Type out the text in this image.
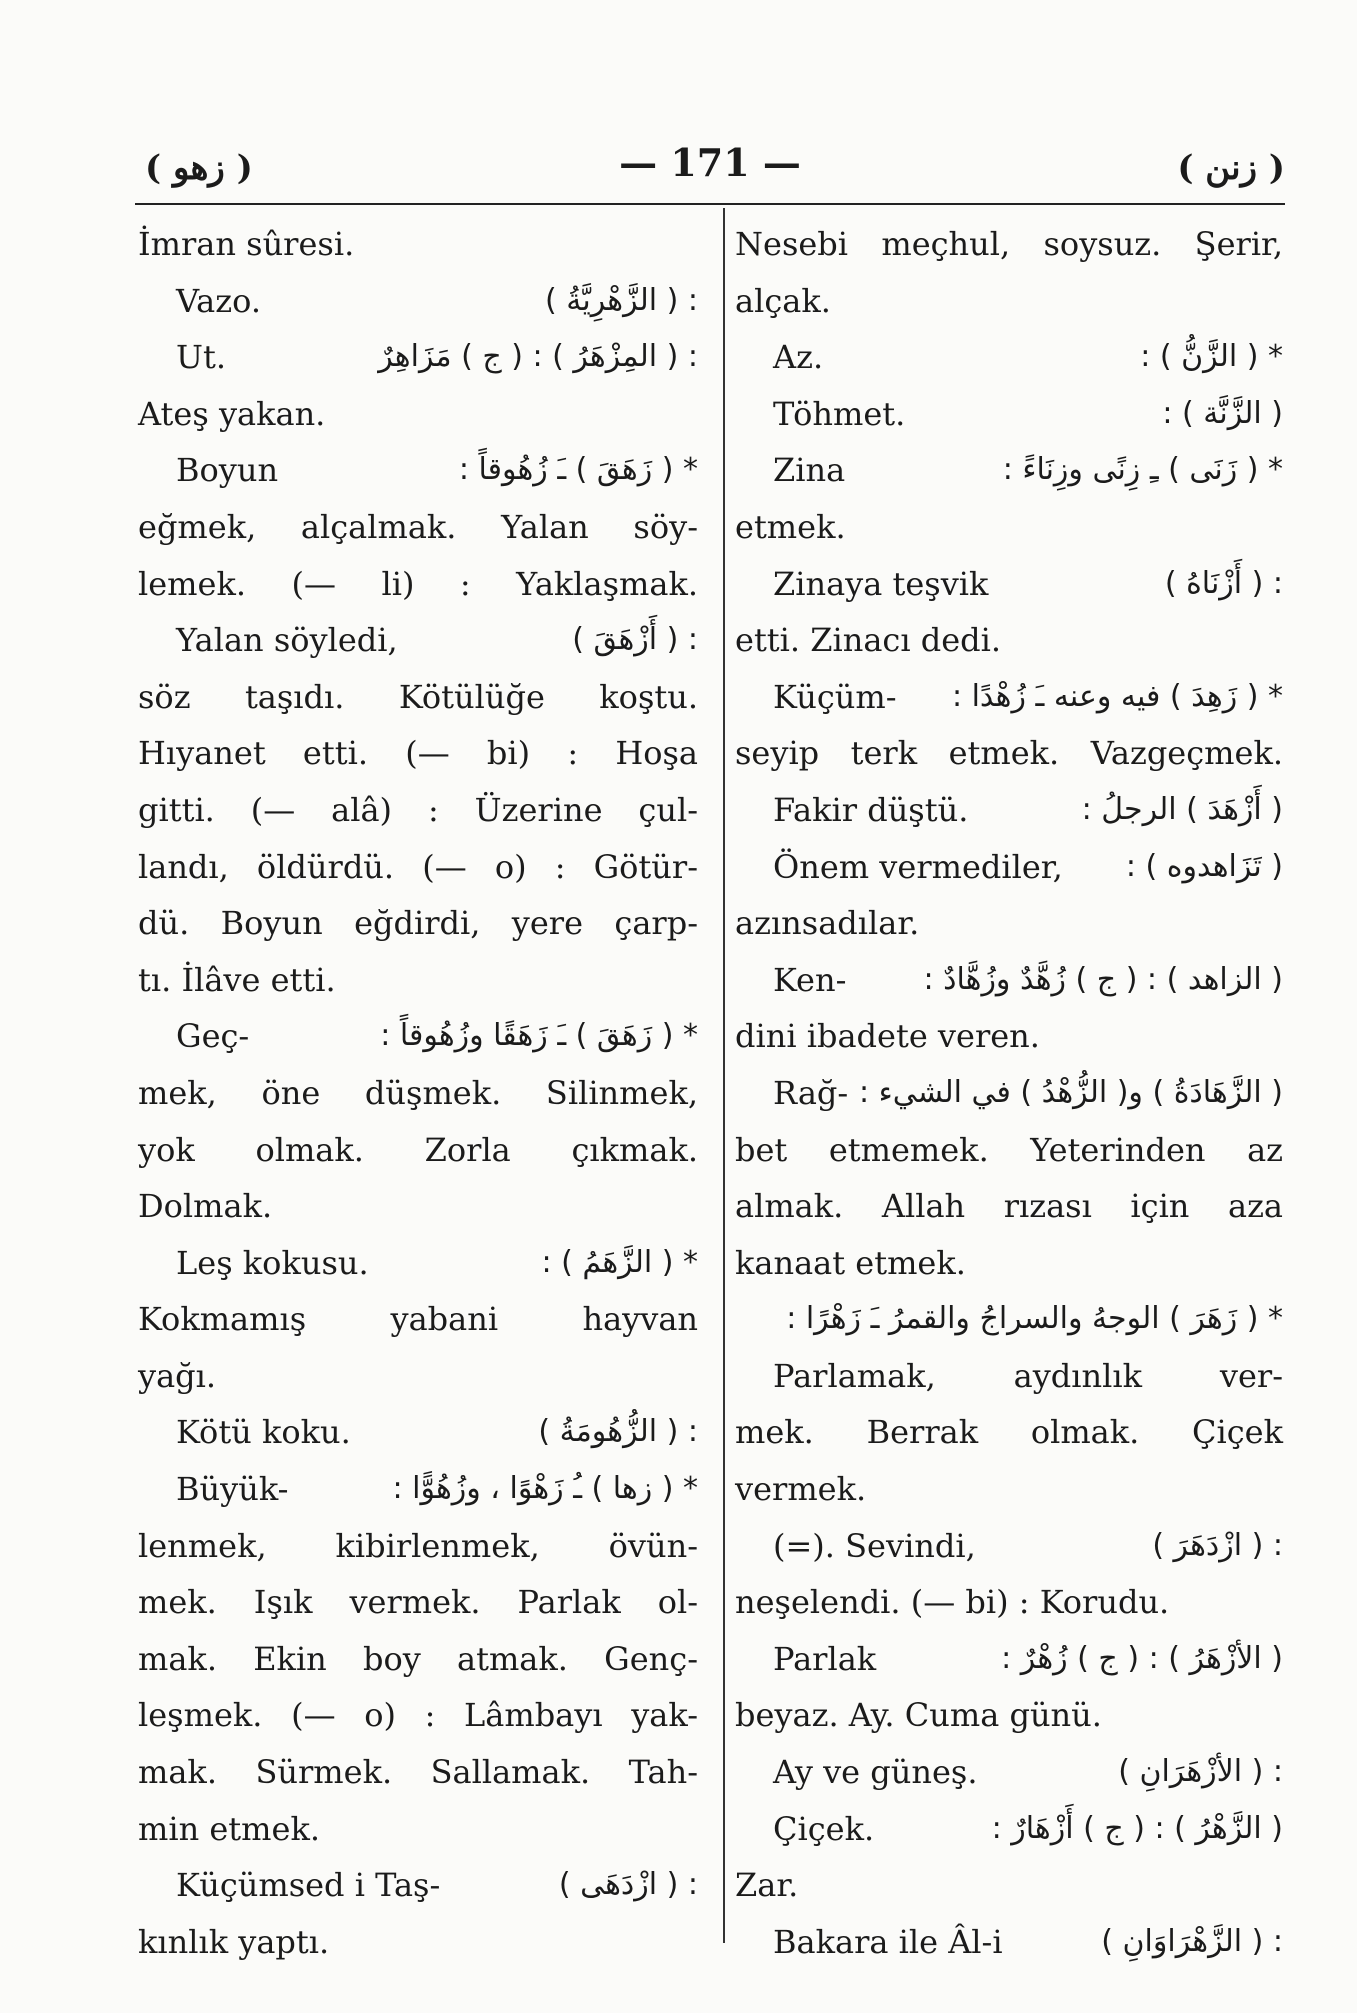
( زهو )	— 171 —	( زنن )
İmran sûresi.
Vazo.	: ( الزَّهْرِيَّةُ )
Ut.	: ( المِزْهَرُ ) : ( ج ) مَزَاهِرٌ
Ateş yakan.
Boyun	* ( زَهَقَ ) ـَ زُهُوقاً :
eğmek, alçalmak. Yalan söy-
lemek. (— li) : Yaklaşmak.
Yalan söyledi,	: ( أَزْهَقَ )
söz taşıdı. Kötülüğe koştu.
Hıyanet etti. (— bi) : Hoşa
gitti. (— alâ) : Üzerine çul-
landı, öldürdü. (— o) : Götür-
dü. Boyun eğdirdi, yere çarp-
tı. İlâve etti.
Geç-	* ( زَهَقَ ) ـَ زَهَقًا وزُهُوقاً :
mek, öne düşmek. Silinmek,
yok olmak. Zorla çıkmak.
Dolmak.
Leş kokusu.	* ( الزَّهَمُ ) :
Kokmamış yabani hayvan
yağı.
Kötü koku.	: ( الزُّهُومَةُ )
Büyük-	* ( زها ) ـُ زَهْوًا ، وزُهُوًّا :
lenmek, kibirlenmek, övün-
mek. Işık vermek. Parlak ol-
mak. Ekin boy atmak. Genç-
leşmek. (— o) : Lâmbayı yak-
mak. Sürmek. Sallamak. Tah-
min etmek.
Küçümsed i Taş-	: ( ازْدَهَى )
kınlık yaptı.
Nesebi meçhul, soysuz. Şerir,
alçak.
Az.	* ( الزَّنُّ ) :
Töhmet.	( الزَّنَّة ) :
Zina	* ( زَنَى ) ـِ زِنًى وزِنَاءً :
etmek.
Zinaya teşvik	: ( أَزْنَاهُ )
etti. Zinacı dedi.
Küçüm- * ( زَهِدَ ) فيه وعنه ـَ زُهْدًا :
seyip terk etmek. Vazgeçmek.
Fakir düştü.	( أَزْهَدَ ) الرجلُ :
Önem vermediler, ( تَزَاهدوه ) :
azınsadılar.
Ken-	( الزاهد ) : ( ج ) زُهَّدٌ وزُهَّادٌ :
dini ibadete veren.
Rağ- ( الزَّهَادَةُ ) و( الزُّهْدُ ) في الشيء :
bet etmemek. Yeterinden az
almak. Allah rızası için aza
kanaat etmek.
* ( زَهَرَ ) الوجهُ والسراجُ والقمرُ ـَ زَهْرًا :
Parlamak, aydınlık ver-
mek. Berrak olmak. Çiçek
vermek.
(=). Sevindi,	: ( ازْدَهَرَ )
neşelendi. (— bi) : Korudu.
Parlak	( الأزْهَرُ ) : ( ج ) زُهْرٌ :
beyaz. Ay. Cuma günü.
Ay ve güneş.	: ( الأزْهَرَانِ )
Çiçek.	( الزَّهْرُ ) : ( ج ) أَزْهَارٌ :
Zar.
Bakara ile Âl-i	: ( الزَّهْرَاوَانِ )
